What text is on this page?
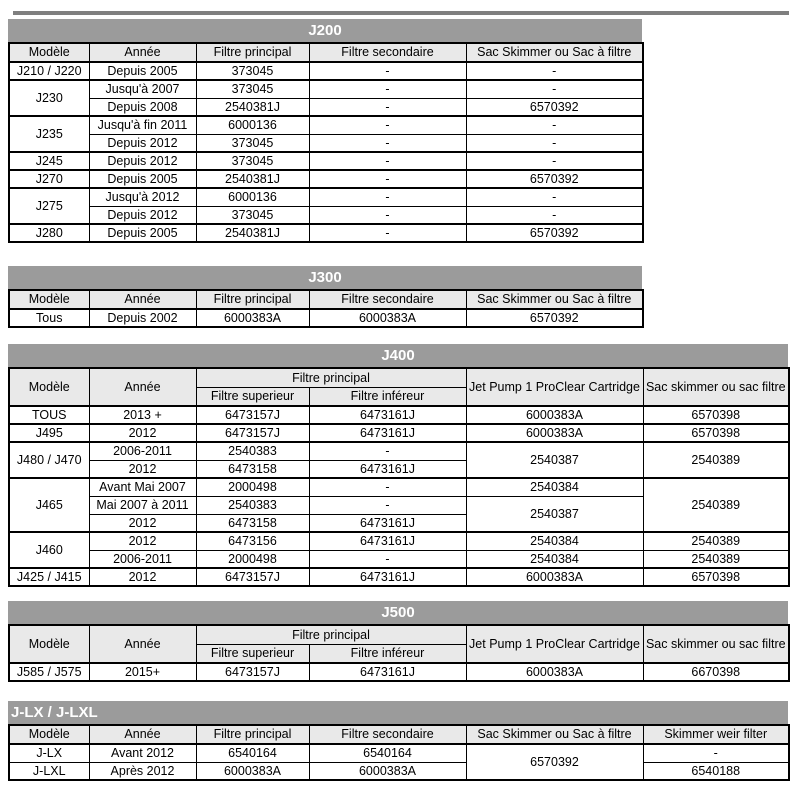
J200
Modèle	Année	Filtre principal	Filtre secondaire	Sac Skimmer ou Sac à filtre
J210 / J220	Depuis 2005	373045	-	-
J230	Jusqu'à 2007	373045	-	-
	Depuis 2008	2540381J	-	6570392
J235	Jusqu'à fin 2011	6000136	-	-
	Depuis 2012	373045	-	-
J245	Depuis 2012	373045	-	-
J270	Depuis 2005	2540381J	-	6570392
J275	Jusqu'à 2012	6000136	-	-
	Depuis 2012	373045	-	-
J280	Depuis 2005	2540381J	-	6570392
J300
Modèle	Année	Filtre principal	Filtre secondaire	Sac Skimmer ou Sac à filtre
Tous	Depuis 2002	6000383A	6000383A	6570392
J400
Modèle	Année	Filtre principal		Jet Pump 1 ProClear Cartridge	Sac skimmer ou sac filtre
		Filtre superieur	Filtre inféreur		
TOUS	2013 +	6473157J	6473161J	6000383A	6570398
J495	2012	6473157J	6473161J	6000383A	6570398
J480 / J470	2006-2011	2540383	-	2540387	2540389
	2012	6473158	6473161J		
J465	Avant Mai 2007	2000498	-	2540384	2540389
	Mai 2007 à 2011	2540383	-	2540387	
	2012	6473158	6473161J		
J460	2012	6473156	6473161J	2540384	2540389
	2006-2011	2000498	-	2540384	2540389
J425 / J415	2012	6473157J	6473161J	6000383A	6570398
J500
Modèle	Année	Filtre principal		Jet Pump 1 ProClear Cartridge	Sac skimmer ou sac filtre
		Filtre superieur	Filtre inféreur		
J585 / J575	2015+	6473157J	6473161J	6000383A	6670398
J-LX / J-LXL
Modèle	Année	Filtre principal	Filtre secondaire	Sac Skimmer ou Sac à filtre	Skimmer weir filter
J-LX	Avant 2012	6540164	6540164	6570392	-
J-LXL	Après 2012	6000383A	6000383A		6540188
